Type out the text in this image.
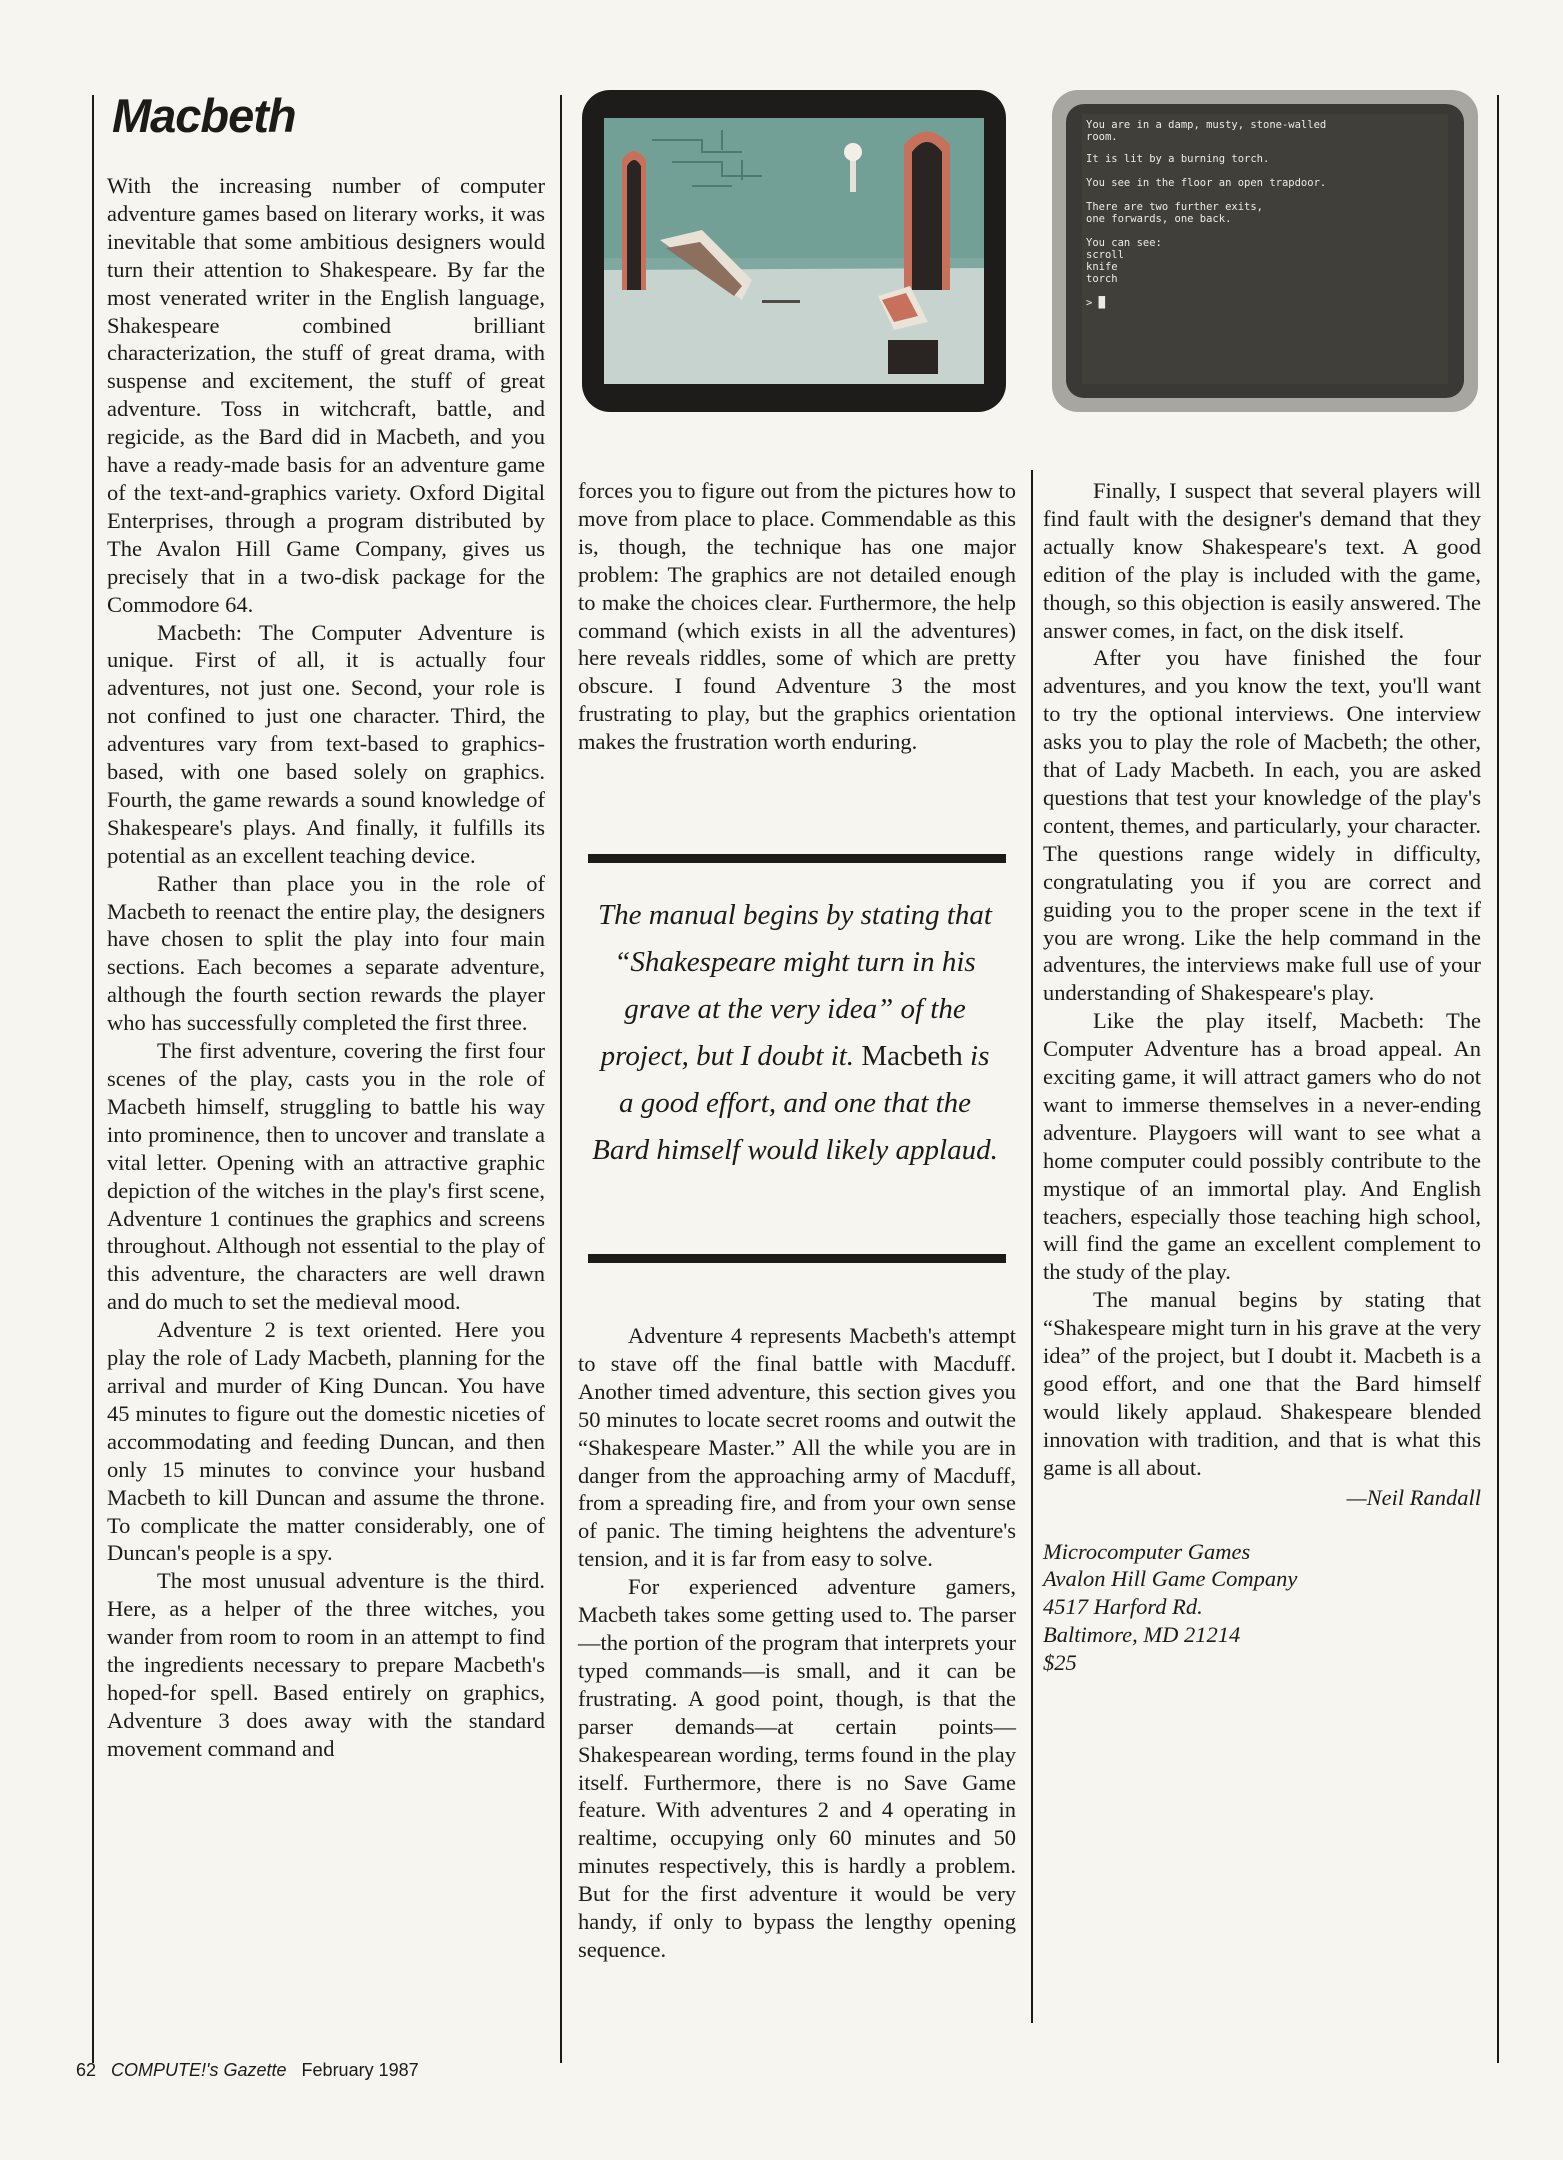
Macbeth	You are in a damp, musty, stone-walled
room.
It is lit by a burning torch.
You see in the floor an open trapdoor.
There are two further exits,
one forwards, one back.
You can see:
scroll
knife
torch
> █

With the increasing number of computer adventure games based on literary works, it was inevitable that some ambitious designers would turn their attention to Shakespeare. By far the most venerated writer in the English language, Shakespeare combined brilliant characterization, the stuff of great drama, with suspense and excitement, the stuff of great adventure. Toss in witchcraft, battle, and regicide, as the Bard did in Macbeth, and you have a ready-made basis for an adventure game of the text-and-graphics variety. Oxford Digital Enterprises, through a program distributed by The Avalon Hill Game Company, gives us precisely that in a two-disk package for the Commodore 64.

Macbeth: The Computer Adventure is unique. First of all, it is actually four adventures, not just one. Second, your role is not confined to just one character. Third, the adventures vary from text-based to graphics-based, with one based solely on graphics. Fourth, the game rewards a sound knowledge of Shakespeare's plays. And finally, it fulfills its potential as an excellent teaching device.

Rather than place you in the role of Macbeth to reenact the entire play, the designers have chosen to split the play into four main sections. Each becomes a separate adventure, although the fourth section rewards the player who has successfully completed the first three.

The first adventure, covering the first four scenes of the play, casts you in the role of Macbeth himself, struggling to battle his way into prominence, then to uncover and translate a vital letter. Opening with an attractive graphic depiction of the witches in the play's first scene, Adventure 1 continues the graphics and screens throughout. Although not essential to the play of this adventure, the characters are well drawn and do much to set the medieval mood.

Adventure 2 is text oriented. Here you play the role of Lady Macbeth, planning for the arrival and murder of King Duncan. You have 45 minutes to figure out the domestic niceties of accommodating and feeding Duncan, and then only 15 minutes to convince your husband Macbeth to kill Duncan and assume the throne. To complicate the matter considerably, one of Duncan's people is a spy.

The most unusual adventure is the third. Here, as a helper of the three witches, you wander from room to room in an attempt to find the ingredients necessary to prepare Macbeth's hoped-for spell. Based entirely on graphics, Adventure 3 does away with the standard movement command and

forces you to figure out from the pictures how to move from place to place. Commendable as this is, though, the technique has one major problem: The graphics are not detailed enough to make the choices clear. Furthermore, the help command (which exists in all the adventures) here reveals riddles, some of which are pretty obscure. I found Adventure 3 the most frustrating to play, but the graphics orientation makes the frustration worth enduring.

The manual begins by stating that “Shakespeare might turn in his grave at the very idea” of the project, but I doubt it. Macbeth is a good effort, and one that the Bard himself would likely applaud.

Adventure 4 represents Macbeth's attempt to stave off the final battle with Macduff. Another timed adventure, this section gives you 50 minutes to locate secret rooms and outwit the “Shakespeare Master.” All the while you are in danger from the approaching army of Macduff, from a spreading fire, and from your own sense of panic. The timing heightens the adventure's tension, and it is far from easy to solve.

For experienced adventure gamers, Macbeth takes some getting used to. The parser—the portion of the program that interprets your typed commands—is small, and it can be frustrating. A good point, though, is that the parser demands—at certain points—Shakespearean wording, terms found in the play itself. Furthermore, there is no Save Game feature. With adventures 2 and 4 operating in realtime, occupying only 60 minutes and 50 minutes respectively, this is hardly a problem. But for the first adventure it would be very handy, if only to bypass the lengthy opening sequence.

Finally, I suspect that several players will find fault with the designer's demand that they actually know Shakespeare's text. A good edition of the play is included with the game, though, so this objection is easily answered. The answer comes, in fact, on the disk itself.

After you have finished the four adventures, and you know the text, you'll want to try the optional interviews. One interview asks you to play the role of Macbeth; the other, that of Lady Macbeth. In each, you are asked questions that test your knowledge of the play's content, themes, and particularly, your character. The questions range widely in difficulty, congratulating you if you are correct and guiding you to the proper scene in the text if you are wrong. Like the help command in the adventures, the interviews make full use of your understanding of Shakespeare's play.

Like the play itself, Macbeth: The Computer Adventure has a broad appeal. An exciting game, it will attract gamers who do not want to immerse themselves in a never-ending adventure. Playgoers will want to see what a home computer could possibly contribute to the mystique of an immortal play. And English teachers, especially those teaching high school, will find the game an excellent complement to the study of the play.

The manual begins by stating that “Shakespeare might turn in his grave at the very idea” of the project, but I doubt it. Macbeth is a good effort, and one that the Bard himself would likely applaud. Shakespeare blended innovation with tradition, and that is what this game is all about.

—Neil Randall
Microcomputer Games
Avalon Hill Game Company
4517 Harford Rd.
Baltimore, MD 21214
$25
62 COMPUTE!'s Gazette February 1987
